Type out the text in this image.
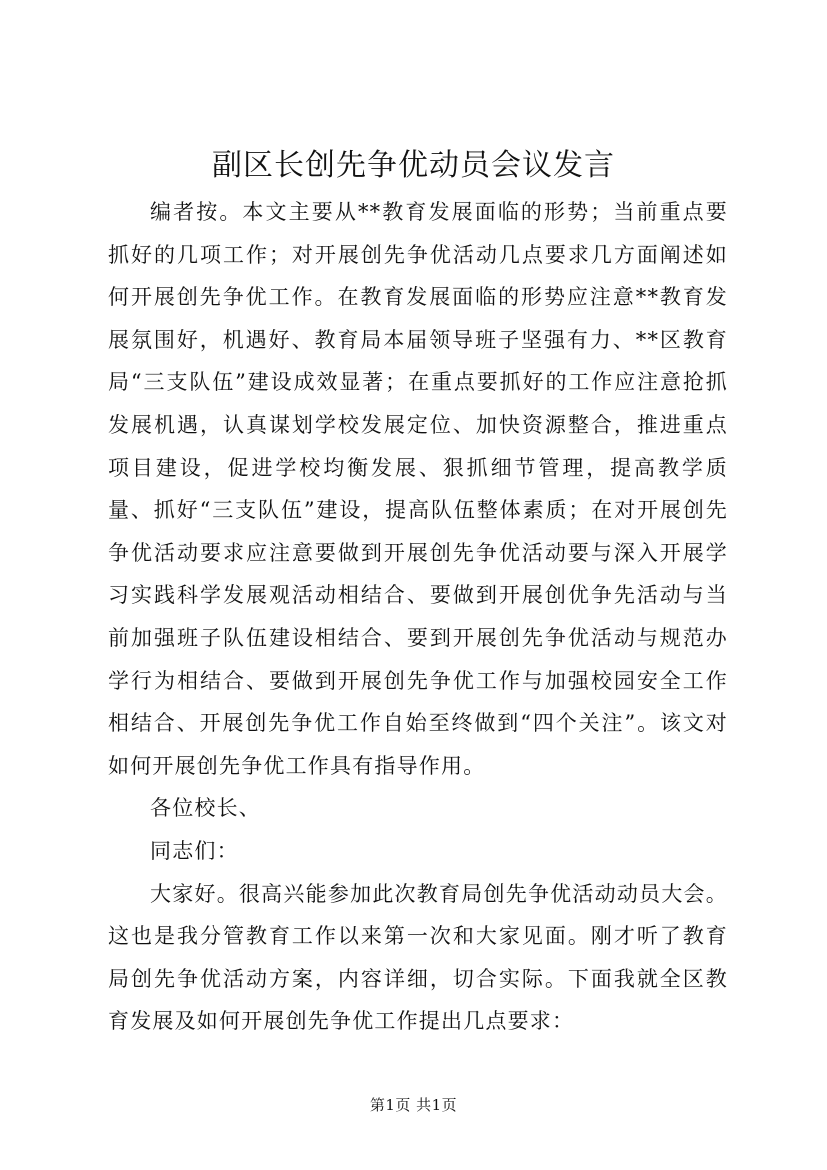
副区长创先争优动员会议发言

编者按。本文主要从**教育发展面临的形势；当前重点要抓好的几项工作；对开展创先争优活动几点要求几方面阐述如何开展创先争优工作。在教育发展面临的形势应注意**教育发展氛围好，机遇好、教育局本届领导班子坚强有力、**区教育局“三支队伍”建设成效显著；在重点要抓好的工作应注意抢抓发展机遇，认真谋划学校发展定位、加快资源整合，推进重点项目建设，促进学校均衡发展、狠抓细节管理，提高教学质量、抓好“三支队伍”建设，提高队伍整体素质；在对开展创先争优活动要求应注意要做到开展创先争优活动要与深入开展学习实践科学发展观活动相结合、要做到开展创优争先活动与当前加强班子队伍建设相结合、要到开展创先争优活动与规范办学行为相结合、要做到开展创先争优工作与加强校园安全工作相结合、开展创先争优工作自始至终做到“四个关注”。该文对如何开展创先争优工作具有指导作用。

各位校长、

同志们：

大家好。很高兴能参加此次教育局创先争优活动动员大会。这也是我分管教育工作以来第一次和大家见面。刚才听了教育局创先争优活动方案，内容详细，切合实际。下面我就全区教育发展及如何开展创先争优工作提出几点要求：

第1页 共1页
